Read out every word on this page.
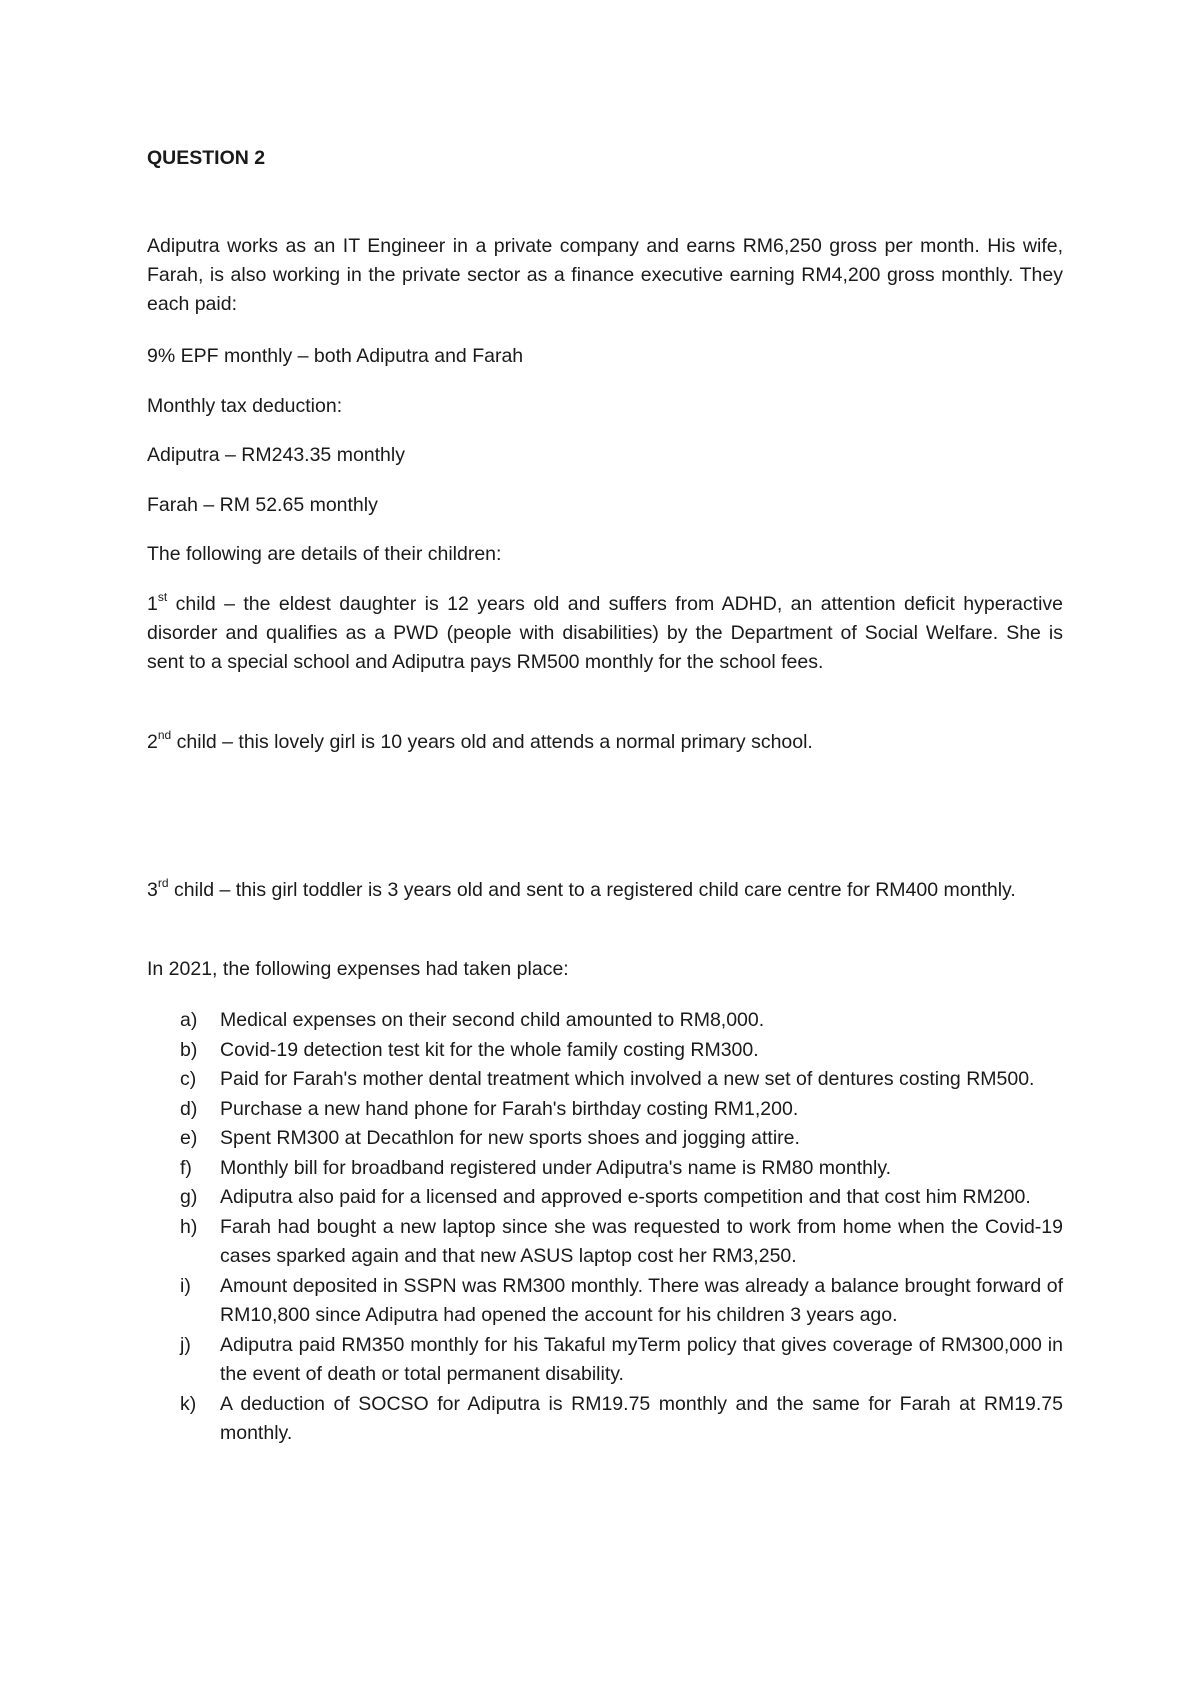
QUESTION 2
Adiputra works as an IT Engineer in a private company and earns RM6,250 gross per month. His wife, Farah, is also working in the private sector as a finance executive earning RM4,200 gross monthly. They each paid:
9% EPF monthly – both Adiputra and Farah
Monthly tax deduction:
Adiputra – RM243.35 monthly
Farah – RM 52.65 monthly
The following are details of their children:
1st child – the eldest daughter is 12 years old and suffers from ADHD, an attention deficit hyperactive disorder and qualifies as a PWD (people with disabilities) by the Department of Social Welfare. She is sent to a special school and Adiputra pays RM500 monthly for the school fees.
2nd child – this lovely girl is 10 years old and attends a normal primary school.
3rd child – this girl toddler is 3 years old and sent to a registered child care centre for RM400 monthly.
In 2021, the following expenses had taken place:
a)	Medical expenses on their second child amounted to RM8,000.
b)	Covid-19 detection test kit for the whole family costing RM300.
c)	Paid for Farah's mother dental treatment which involved a new set of dentures costing RM500.
d)	Purchase a new hand phone for Farah's birthday costing RM1,200.
e)	Spent RM300 at Decathlon for new sports shoes and jogging attire.
f)	Monthly bill for broadband registered under Adiputra's name is RM80 monthly.
g)	Adiputra also paid for a licensed and approved e-sports competition and that cost him RM200.
h)	Farah had bought a new laptop since she was requested to work from home when the Covid-19 cases sparked again and that new ASUS laptop cost her RM3,250.
i)	Amount deposited in SSPN was RM300 monthly. There was already a balance brought forward of RM10,800 since Adiputra had opened the account for his children 3 years ago.
j)	Adiputra paid RM350 monthly for his Takaful myTerm policy that gives coverage of RM300,000 in the event of death or total permanent disability.
k)	A deduction of SOCSO for Adiputra is RM19.75 monthly and the same for Farah at RM19.75 monthly.
